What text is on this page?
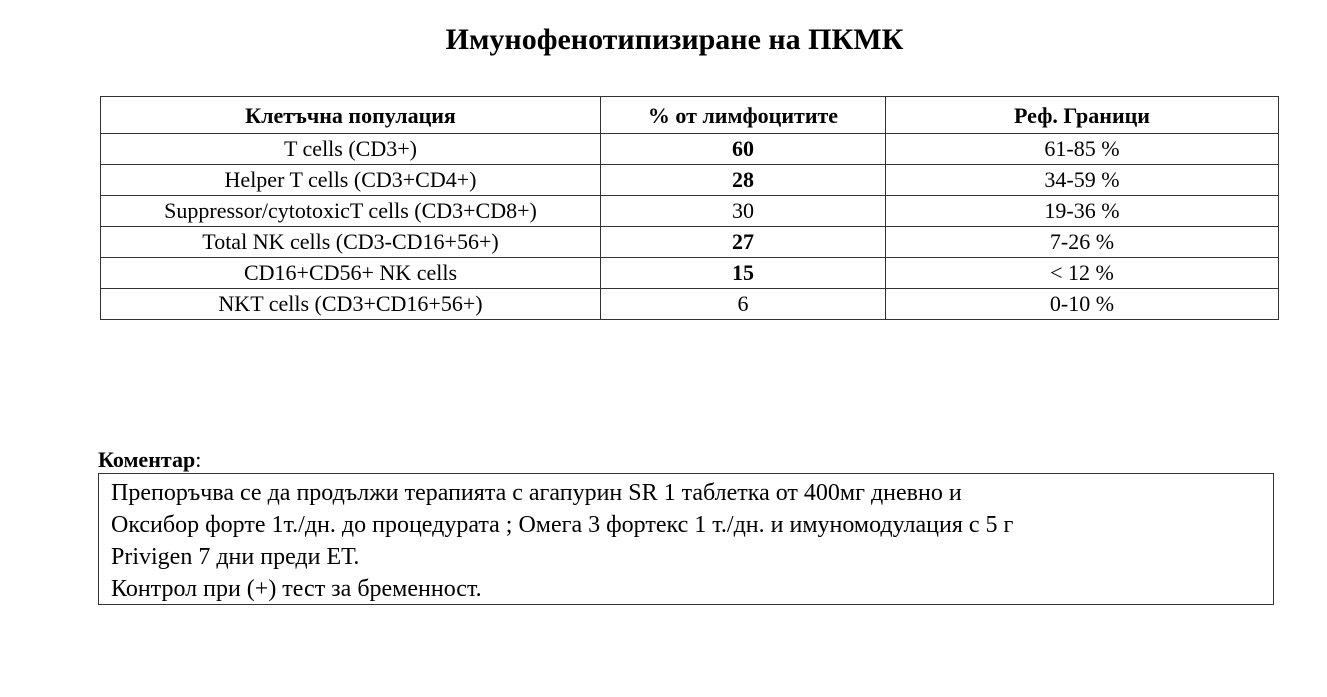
Имунофенотипизиране на ПКМК
Клетъчна популация	% от лимфоцитите	Реф. Граници
T cells (CD3+)	60	61-85 %
Helper T cells (CD3+CD4+)	28	34-59 %
Suppressor/cytotoxicT cells (CD3+CD8+)	30	19-36 %
Total NK cells (CD3-CD16+56+)	27	7-26 %
CD16+CD56+ NK cells	15	< 12 %
NKT cells (CD3+CD16+56+)	6	0-10 %
Коментар:
Препоръчва се да продължи терапията с агапурин SR 1 таблетка от 400мг дневно и
Оксибор форте 1т./дн. до процедурата ; Омега 3 фортекс 1 т./дн. и имуномодулация с 5 г
Privigen 7 дни преди ЕТ.
Контрол при (+) тест за бременност.
